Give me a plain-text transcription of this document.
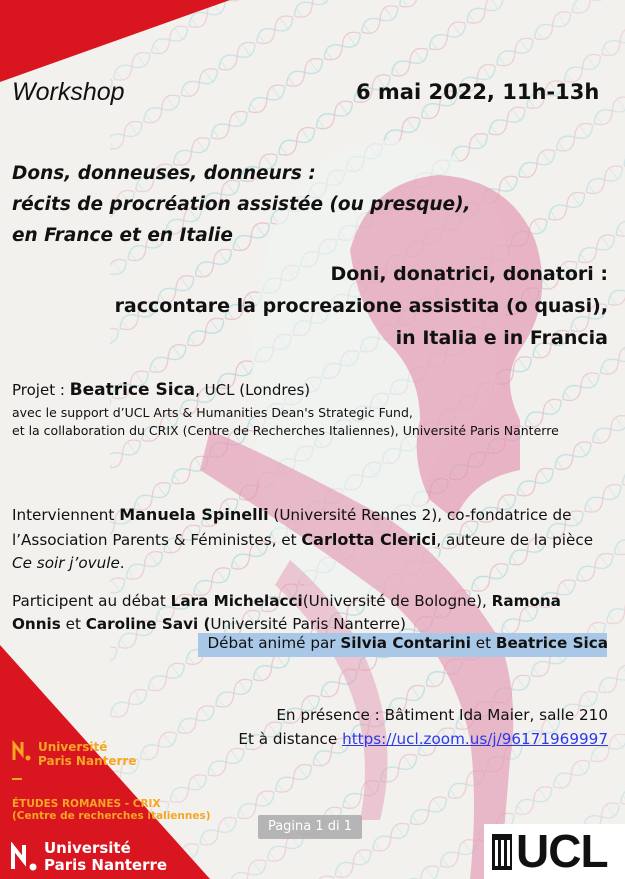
Workshop	6 mai 2022, 11h-13h
Dons, donneuses, donneurs :
récits de procréation assistée (ou presque),
en France et en Italie
Doni, donatrici, donatori :
raccontare la procreazione assistita (o quasi),
in Italia e in Francia
Projet : Beatrice Sica, UCL (Londres)
avec le support d’UCL Arts & Humanities Dean's Strategic Fund,
et la collaboration du CRIX (Centre de Recherches Italiennes), Université Paris Nanterre
Interviennent Manuela Spinelli (Université Rennes 2), co-fondatrice de l’Association Parents & Féministes, et Carlotta Clerici, auteure de la pièce Ce soir j’ovule.
Participent au débat Lara Michelacci(Université de Bologne), Ramona Onnis et Caroline Savi (Université Paris Nanterre)
Débat animé par Silvia Contarini et Beatrice Sica
En présence : Bâtiment Ida Maier, salle 210
Et à distance https://ucl.zoom.us/j/96171969997
Université
Paris Nanterre
ÉTUDES ROMANES - CRIX
(Centre de recherches italiennes)
Université
Paris Nanterre
Pagina 1 di 1	UCL
